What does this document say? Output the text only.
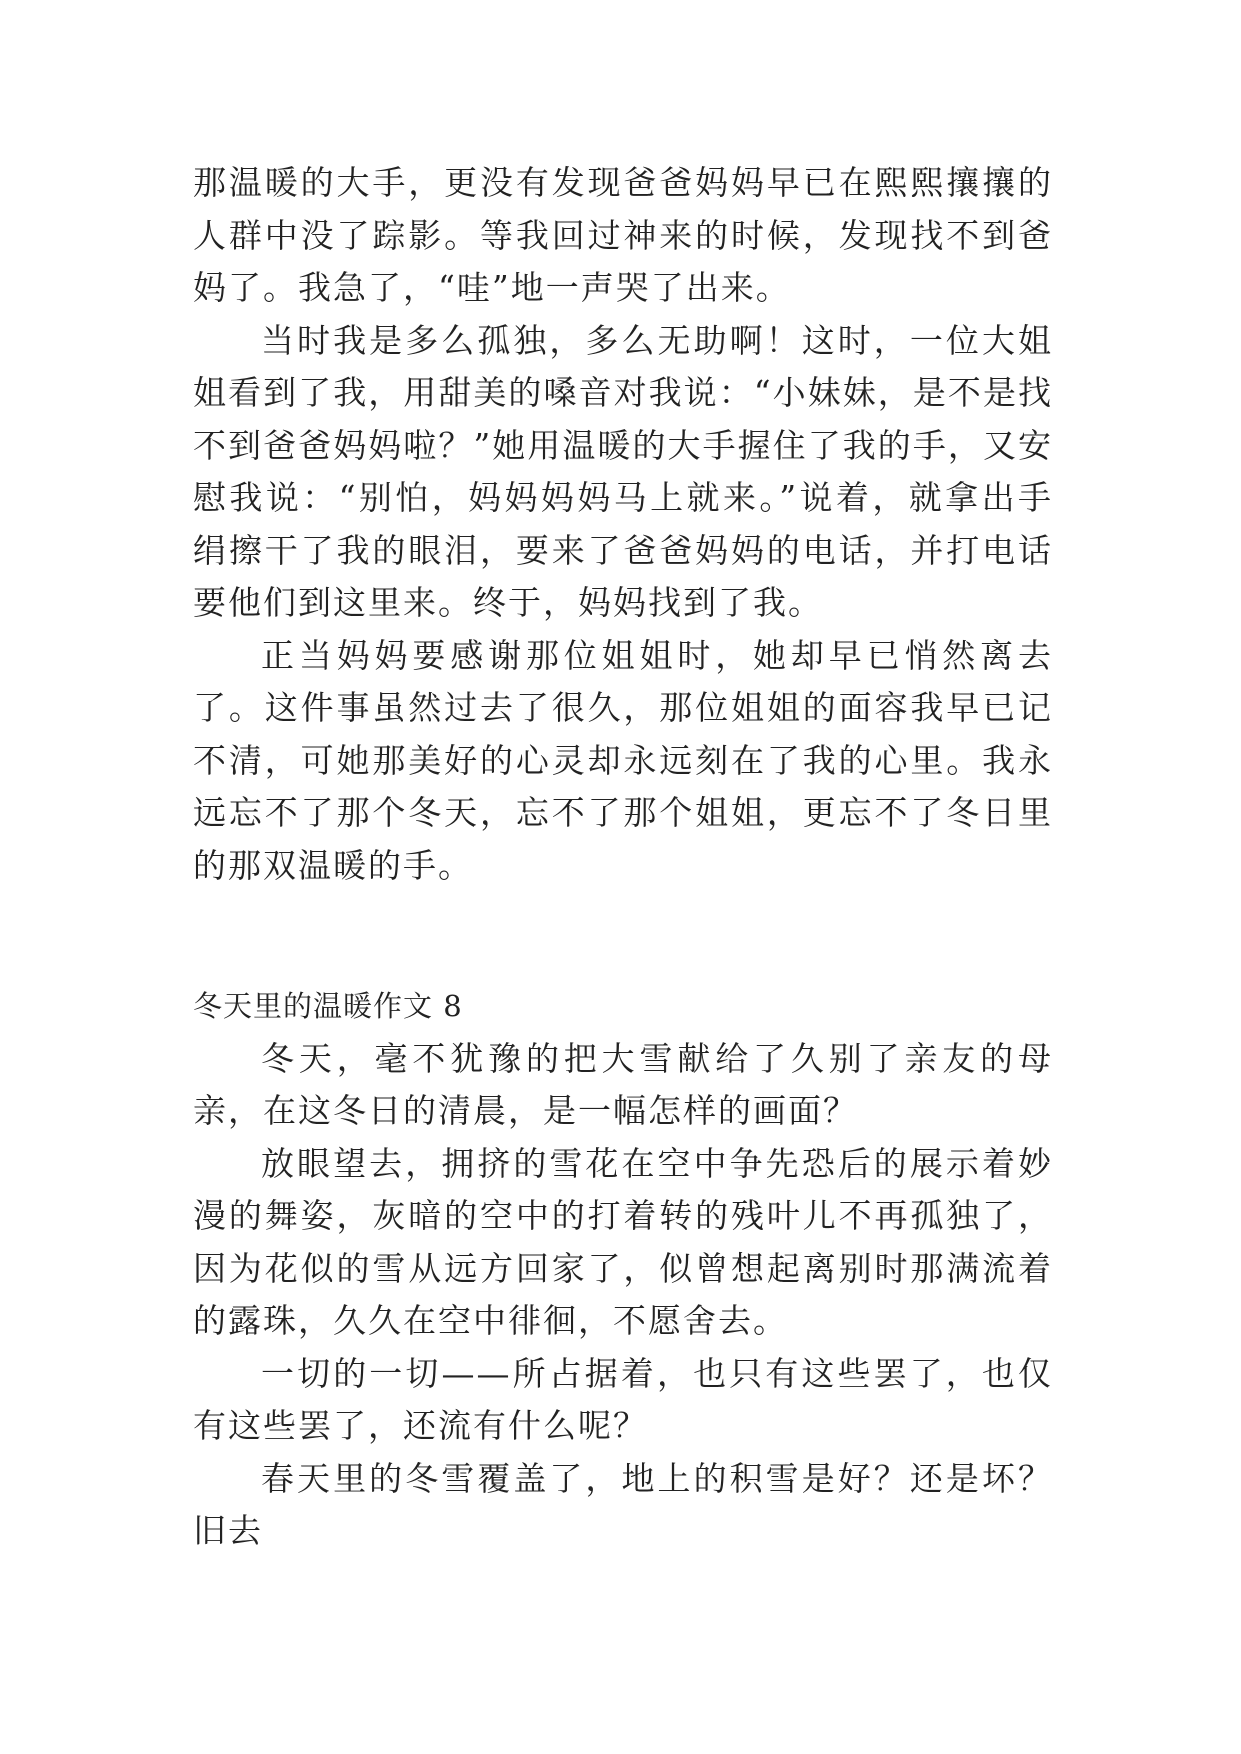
那温暖的大手，更没有发现爸爸妈妈早已在熙熙攘攘的人群中没了踪影。等我回过神来的时候，发现找不到爸妈了。我急了，“哇”地一声哭了出来。

当时我是多么孤独，多么无助啊！这时，一位大姐姐看到了我，用甜美的嗓音对我说：“小妹妹，是不是找不到爸爸妈妈啦？”她用温暖的大手握住了我的手，又安慰我说：“别怕，妈妈妈妈马上就来。”说着，就拿出手绢擦干了我的眼泪，要来了爸爸妈妈的电话，并打电话要他们到这里来。终于，妈妈找到了我。

正当妈妈要感谢那位姐姐时，她却早已悄然离去了。这件事虽然过去了很久，那位姐姐的面容我早已记不清，可她那美好的心灵却永远刻在了我的心里。我永远忘不了那个冬天，忘不了那个姐姐，更忘不了冬日里的那双温暖的手。

冬天里的温暖作文 8

冬天，毫不犹豫的把大雪献给了久别了亲友的母亲，在这冬日的清晨，是一幅怎样的画面？

放眼望去，拥挤的雪花在空中争先恐后的展示着妙漫的舞姿，灰暗的空中的打着转的残叶儿不再孤独了，因为花似的雪从远方回家了，似曾想起离别时那满流着的露珠，久久在空中徘徊，不愿舍去。

一切的一切——所占据着，也只有这些罢了，也仅有这些罢了，还流有什么呢？

春天里的冬雪覆盖了，地上的积雪是好？还是坏？旧去
